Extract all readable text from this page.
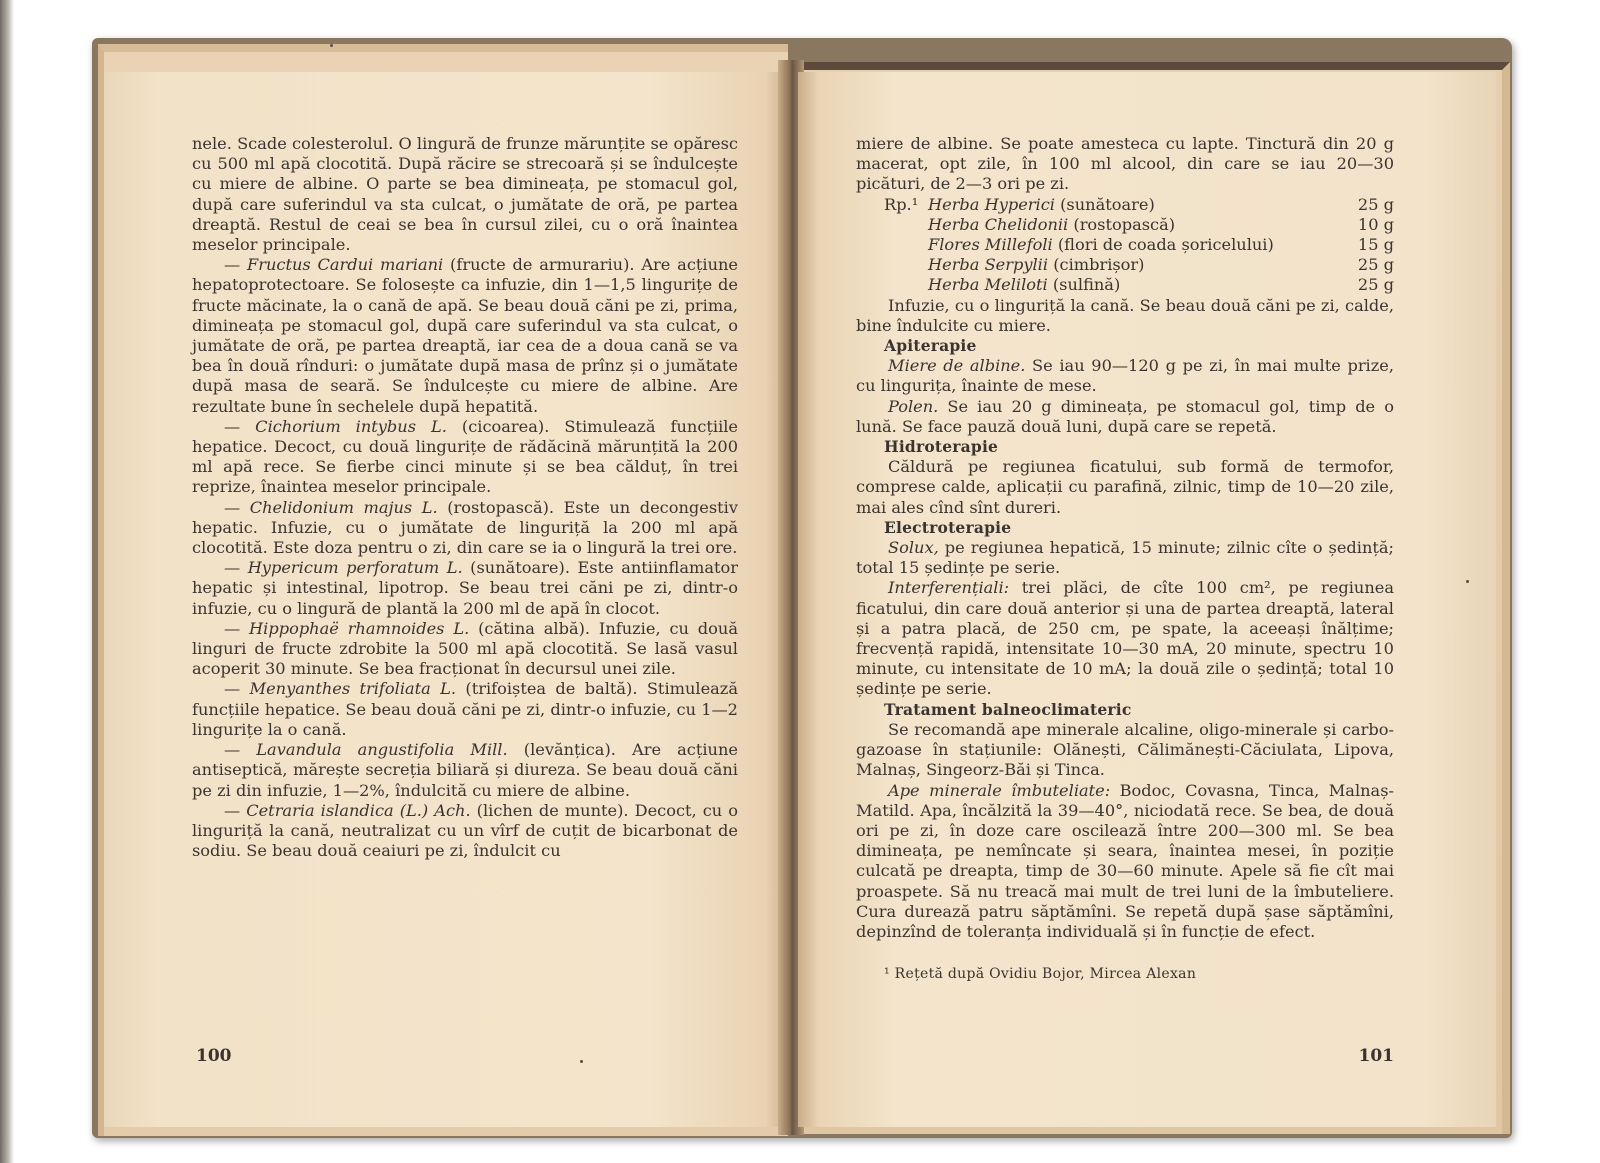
nele. Scade colesterolul. O lingură de frunze mărunțite se opăresc cu 500 ml apă clocotită. După răcire se strecoară și se îndulcește cu miere de albine. O parte se bea dimineața, pe stomacul gol, după care suferindul va sta culcat, o jumătate de oră, pe partea dreaptă. Restul de ceai se bea în cursul zilei, cu o oră înaintea meselor principale.

— Fructus Cardui mariani (fructe de armurariu). Are acțiune hepatoprotectoare. Se folosește ca infuzie, din 1—1,5 lingurițe de fructe măcinate, la o cană de apă. Se beau două căni pe zi, prima, dimineața pe stomacul gol, după care suferindul va sta culcat, o jumătate de oră, pe partea dreaptă, iar cea de a doua cană se va bea în două rînduri: o jumătate după masa de prînz și o jumătate după masa de seară. Se îndulcește cu miere de albine. Are rezultate bune în sechelele după hepatită.

— Cichorium intybus L. (cicoarea). Stimulează funcțiile hepatice. Decoct, cu două lingurițe de rădăcină mărunțită la 200 ml apă rece. Se fierbe cinci minute și se bea călduț, în trei reprize, înaintea meselor principale.

— Chelidonium majus L. (rostopască). Este un decongestiv hepatic. Infuzie, cu o jumătate de linguriță la 200 ml apă clocotită. Este doza pentru o zi, din care se ia o lingură la trei ore.

— Hypericum perforatum L. (sunătoare). Este antiinflamator hepatic și intestinal, lipotrop. Se beau trei căni pe zi, dintr-o infuzie, cu o lingură de plantă la 200 ml de apă în clocot.

— Hippophaë rhamnoides L. (cătina albă). Infuzie, cu două linguri de fructe zdrobite la 500 ml apă clocotită. Se lasă vasul acoperit 30 minute. Se bea fracționat în decursul unei zile.

— Menyanthes trifoliata L. (trifoiștea de baltă). Stimulează funcțiile hepatice. Se beau două căni pe zi, dintr-o infuzie, cu 1—2 lingurițe la o cană.

— Lavandula angustifolia Mill. (levănțica). Are acțiune antiseptică, mărește secreția biliară și diureza. Se beau două căni pe zi din infuzie, 1—2%, îndulcită cu miere de albine.

— Cetraria islandica (L.) Ach. (lichen de munte). Decoct, cu o linguriță la cană, neutralizat cu un vîrf de cuțit de bicarbonat de sodiu. Se beau două ceaiuri pe zi, îndulcit cu

100

miere de albine. Se poate amesteca cu lapte. Tinctură din 20 g macerat, opt zile, în 100 ml alcool, din care se iau 20—30 picături, de 2—3 ori pe zi.

Rp.¹ Herba Hyperici (sunătoare)	25 g
Herba Chelidonii (rostopască)	10 g
Flores Millefoli (flori de coada șoricelului)	15 g
Herba Serpylii (cimbrișor)	25 g
Herba Meliloti (sulfină)	25 g

Infuzie, cu o linguriță la cană. Se beau două căni pe zi, calde, bine îndulcite cu miere.

Apiterapie

Miere de albine. Se iau 90—120 g pe zi, în mai multe prize, cu lingurița, înainte de mese.

Polen. Se iau 20 g dimineața, pe stomacul gol, timp de o lună. Se face pauză două luni, după care se repetă.

Hidroterapie

Căldură pe regiunea ficatului, sub formă de termofor, comprese calde, aplicații cu parafină, zilnic, timp de 10—20 zile, mai ales cînd sînt dureri.

Electroterapie

Solux, pe regiunea hepatică, 15 minute; zilnic cîte o ședință; total 15 ședințe pe serie.

Interferențiali: trei plăci, de cîte 100 cm², pe regiunea ficatului, din care două anterior și una de partea dreaptă, lateral și a patra placă, de 250 cm, pe spate, la aceeași înălțime; frecvență rapidă, intensitate 10—30 mA, 20 minute, spectru 10 minute, cu intensitate de 10 mA; la două zile o ședință; total 10 ședințe pe serie.

Tratament balneoclimateric

Se recomandă ape minerale alcaline, oligo-minerale și carbo-gazoase în stațiunile: Olănești, Călimănești-Căciulata, Lipova, Malnaș, Singeorz-Băi și Tinca.

Ape minerale îmbuteliate: Bodoc, Covasna, Tinca, Malnaș-Matild. Apa, încălzită la 39—40°, niciodată rece. Se bea, de două ori pe zi, în doze care oscilează între 200—300 ml. Se bea dimineața, pe nemîncate și seara, înaintea mesei, în poziție culcată pe dreapta, timp de 30—60 minute. Apele să fie cît mai proaspete. Să nu treacă mai mult de trei luni de la îmbuteliere. Cura durează patru săptămîni. Se repetă după șase săptămîni, depinzînd de toleranța individuală și în funcție de efect.

¹ Rețetă după Ovidiu Bojor, Mircea Alexan
101
